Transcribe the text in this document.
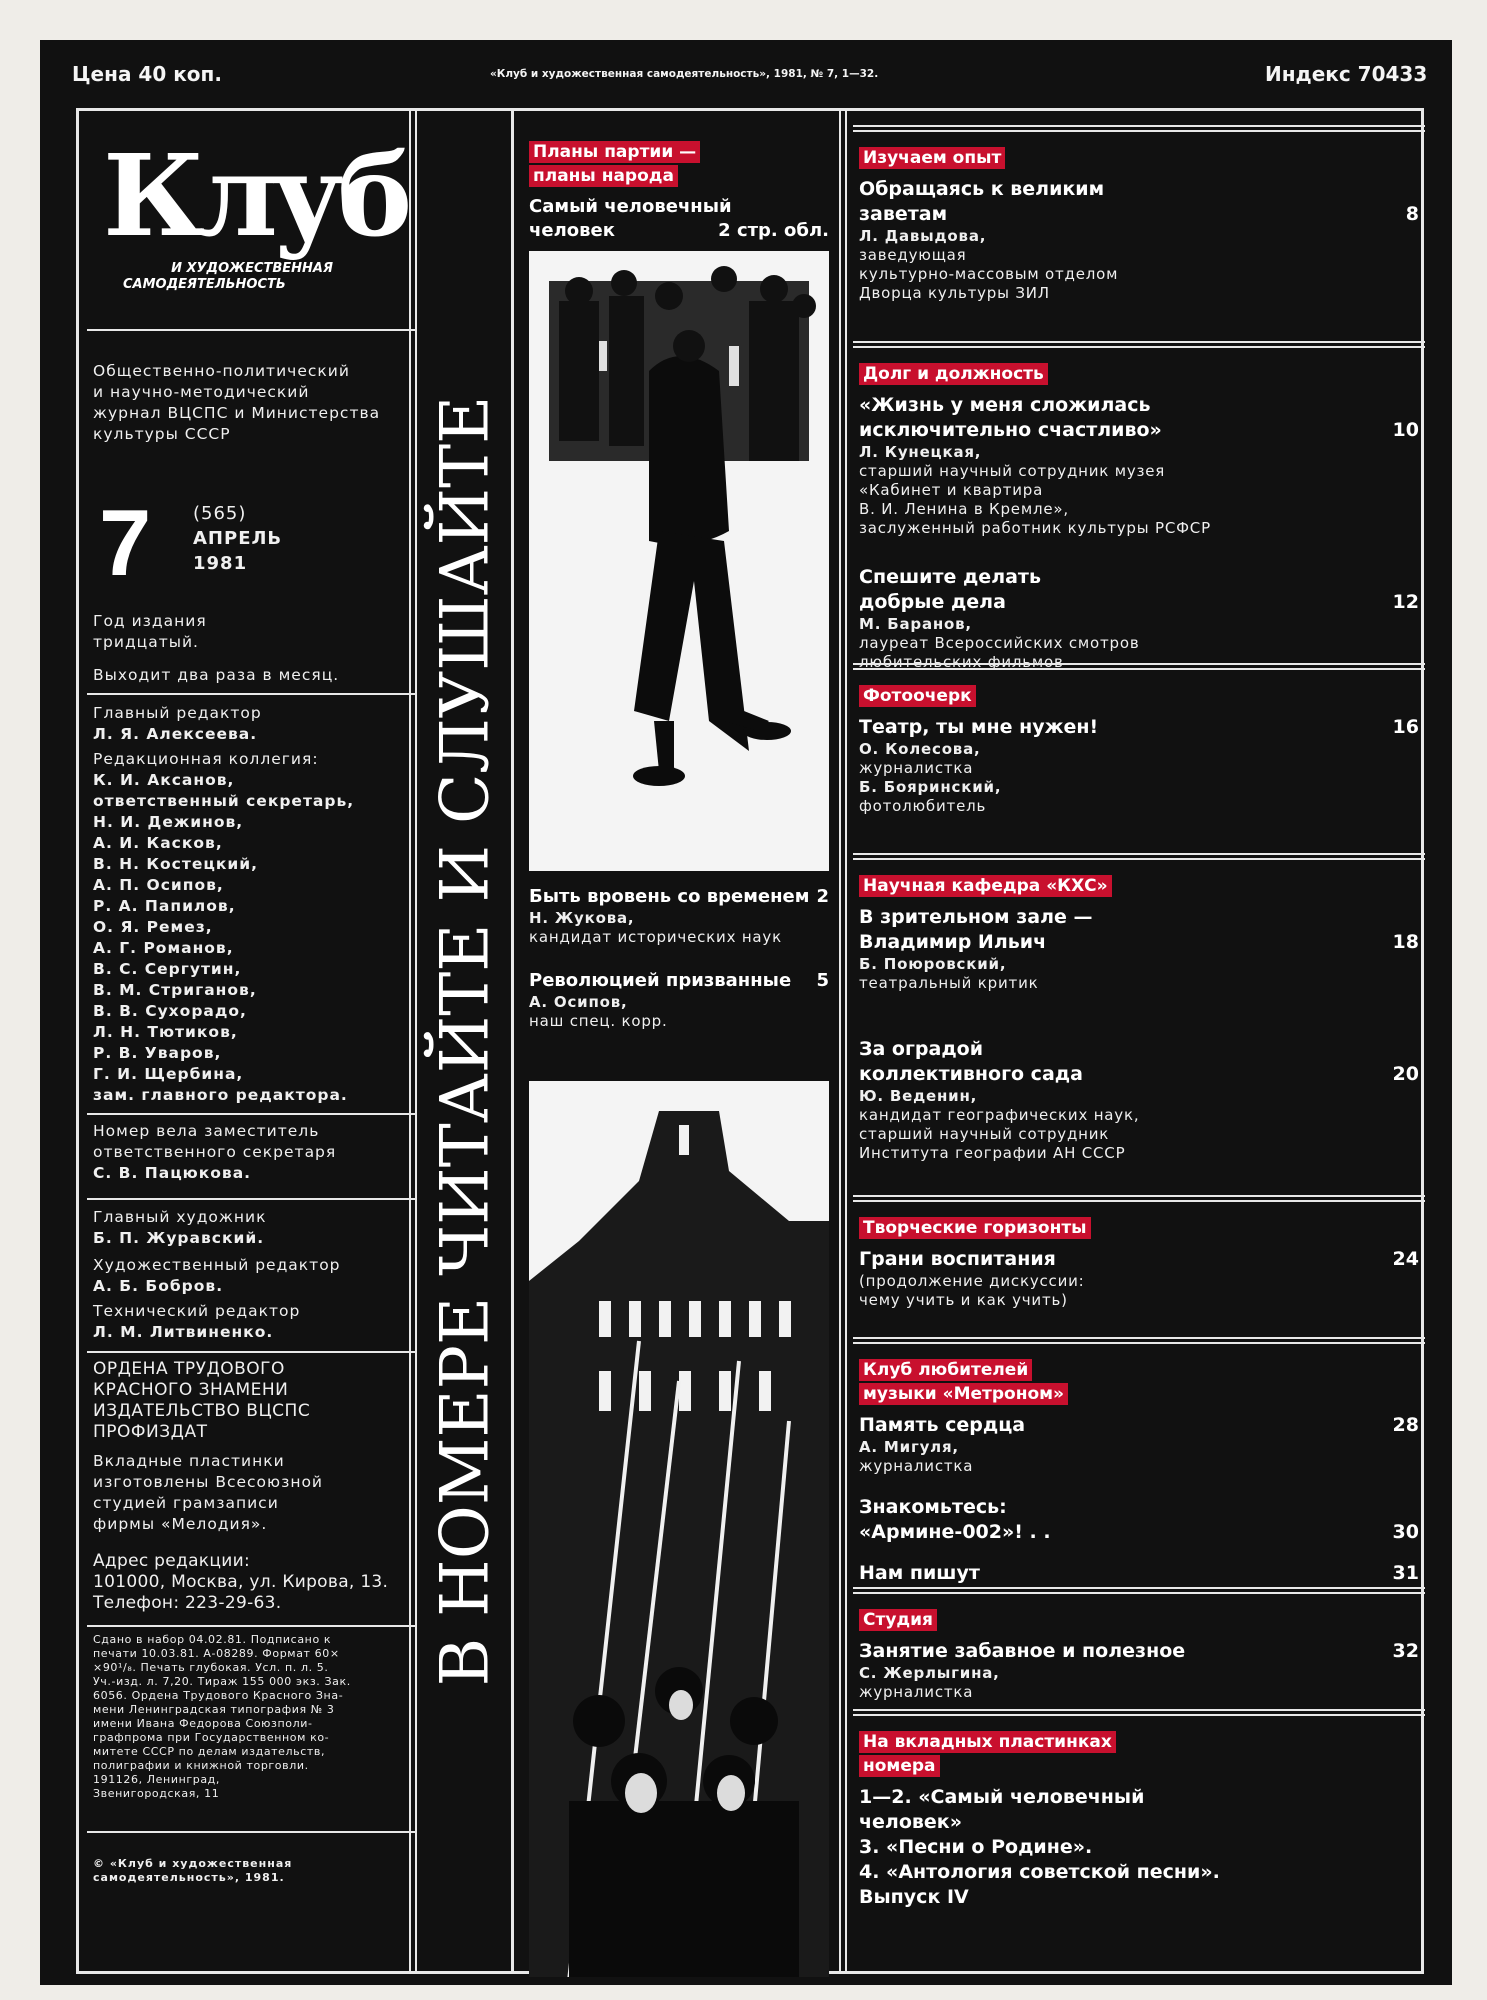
Цена 40 коп.	«Клуб и художественная самодеятельность», 1981, № 7, 1—32.	Индекс 70433
Клуб
И ХУДОЖЕСТВЕННАЯ
САМОДЕЯТЕЛЬНОСТЬ
Общественно-политический
и научно-методический
журнал ВЦСПС и Министерства
культуры СССР
7 (565)
АПРЕЛЬ
1981
Год издания
тридцатый.
Выходит два раза в месяц.
Главный редактор
Л. Я. Алексеева.
Редакционная коллегия:
К. И. Аксанов,
ответственный секретарь,
Н. И. Дежинов,
А. И. Касков,
В. Н. Костецкий,
А. П. Осипов,
Р. А. Папилов,
О. Я. Ремез,
А. Г. Романов,
В. С. Сергутин,
В. М. Стриганов,
В. В. Сухорадо,
Л. Н. Тютиков,
Р. В. Уваров,
Г. И. Щербина,
зам. главного редактора.
Номер вела заместитель
ответственного секретаря
С. В. Пацюкова.
Главный художник
Б. П. Журавский.
Художественный редактор
А. Б. Бобров.
Технический редактор
Л. М. Литвиненко.
ОРДЕНА ТРУДОВОГО
КРАСНОГО ЗНАМЕНИ
ИЗДАТЕЛЬСТВО ВЦСПС
ПРОФИЗДАТ
Вкладные пластинки
изготовлены Всесоюзной
студией грамзаписи
фирмы «Мелодия».
Адрес редакции:
101000, Москва, ул. Кирова, 13.
Телефон: 223-29-63.
Сдано в набор 04.02.81. Подписано к
печати 10.03.81. А-08289. Формат 60×
×90¹/₈. Печать глубокая. Усл. п. л. 5.
Уч.-изд. л. 7,20. Тираж 155 000 экз. Зак.
6056. Ордена Трудового Красного Зна-
мени Ленинградская типография № 3
имени Ивана Федорова Союзполи-
графпрома при Государственном ко-
митете СССР по делам издательств,
полиграфии и книжной торговли.
191126, Ленинград,
Звенигородская, 11
© «Клуб и художественная
самодеятельность», 1981.
В НОМЕРЕ ЧИТАЙТЕ И СЛУШАЙТЕ
Планы партии —
планы народа
Самый человечный
человек	2 стр. обл.
Быть вровень со временем 2
Н. Жукова,
кандидат исторических наук
Революцией призванные 5
А. Осипов,
наш спец. корр.
Изучаем опыт
Обращаясь к великим
заветам	8
Л. Давыдова,
заведующая
культурно-массовым отделом
Дворца культуры ЗИЛ
Долг и должность
«Жизнь у меня сложилась
исключительно счастливо»	10
Л. Кунецкая,
старший научный сотрудник музея
«Кабинет и квартира
В. И. Ленина в Кремле»,
заслуженный работник культуры РСФСР
Спешите делать
добрые дела	12
М. Баранов,
лауреат Всероссийских смотров
любительских фильмов
Фотоочерк
Театр, ты мне нужен!	16
О. Колесова,
журналистка
Б. Бояринский,
фотолюбитель
Научная кафедра «КХС»
В зрительном зале —
Владимир Ильич	18
Б. Поюровский,
театральный критик
За оградой
коллективного сада	20
Ю. Веденин,
кандидат географических наук,
старший научный сотрудник
Института географии АН СССР
Творческие горизонты
Грани воспитания	24
(продолжение дискуссии:
чему учить и как учить)
Клуб любителей
музыки «Метроном»
Память сердца	28
А. Мигуля,
журналистка
Знакомьтесь:
«Армине-002»! . .	30
Нам пишут	31
Студия
Занятие забавное и полезное	32
С. Жерлыгина,
журналистка
На вкладных пластинках
номера
1—2. «Самый человечный
человек»
3. «Песни о Родине».
4. «Антология советской песни».
Выпуск IV
